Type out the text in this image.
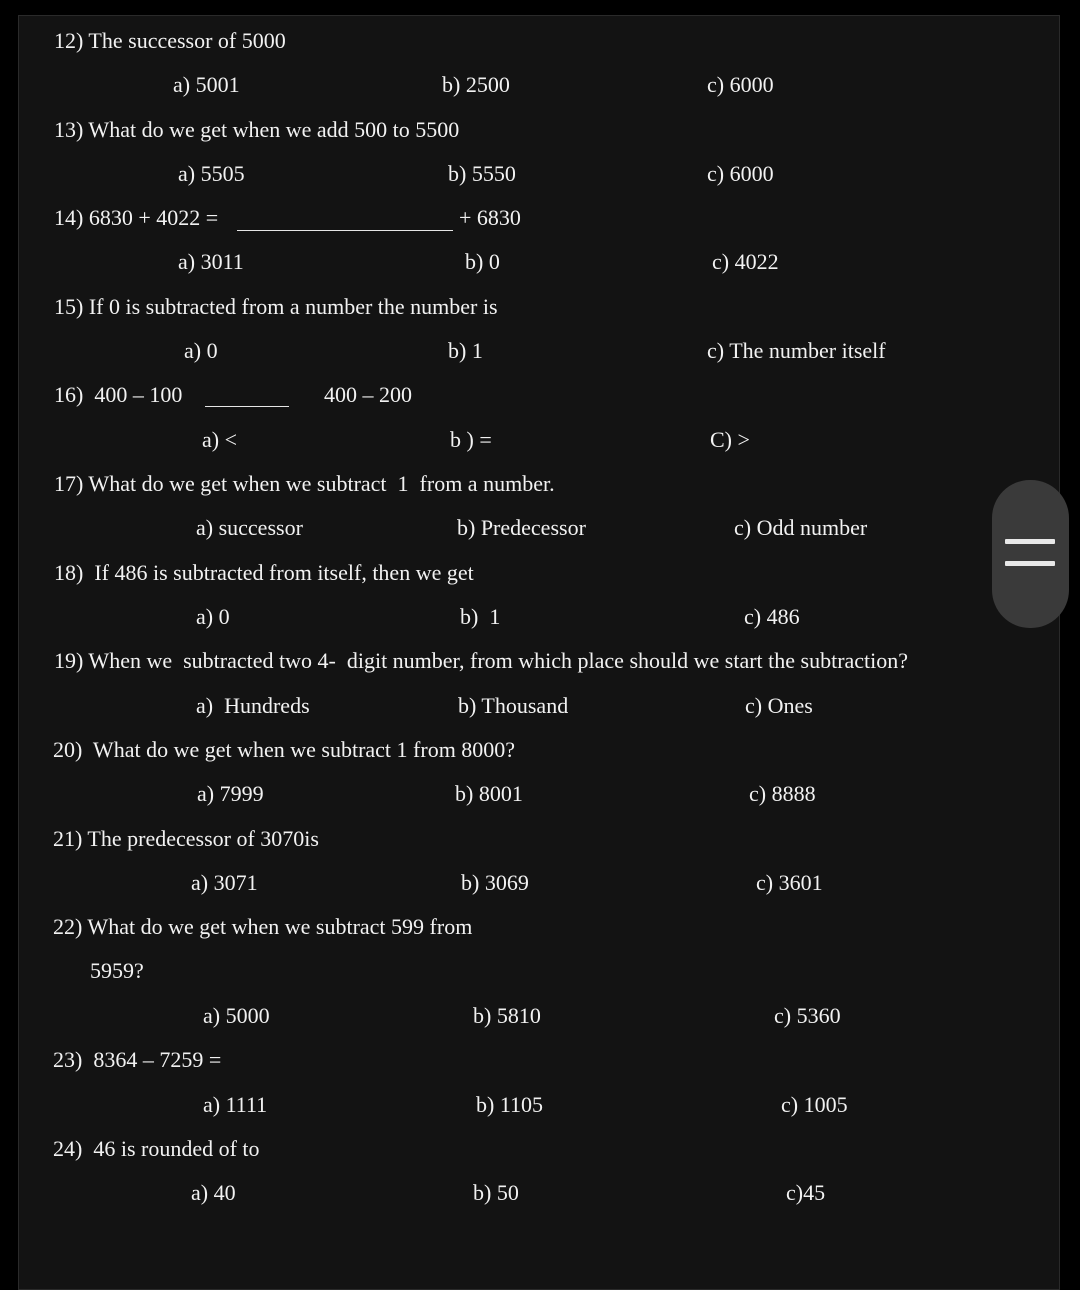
12) The successor of 5000
a) 5001	b) 2500	c) 6000
13) What do we get when we add 500 to 5500
a) 5505	b) 5550	c) 6000
14) 6830 + 4022 =	+ 6830
a) 3011	b) 0	c) 4022
15) If 0 is subtracted from a number the number is
a) 0	b) 1	c) The number itself
16)  400 – 100	400 – 200
a) <	b ) =	C) >
17) What do we get when we subtract  1  from a number.
a) successor	b) Predecessor	c) Odd number
18)  If 486 is subtracted from itself, then we get
a) 0	b)  1	c) 486
19) When we  subtracted two 4-  digit number, from which place should we start the subtraction?
a)  Hundreds	b) Thousand	c) Ones
20)  What do we get when we subtract 1 from 8000?
a) 7999	b) 8001	c) 8888
21) The predecessor of 3070is
a) 3071	b) 3069	c) 3601
22) What do we get when we subtract 599 from
5959?
a) 5000	b) 5810	c) 5360
23)  8364 – 7259 =
a) 1111	b) 1105	c) 1005
24)  46 is rounded of to
a) 40	b) 50	c)45
